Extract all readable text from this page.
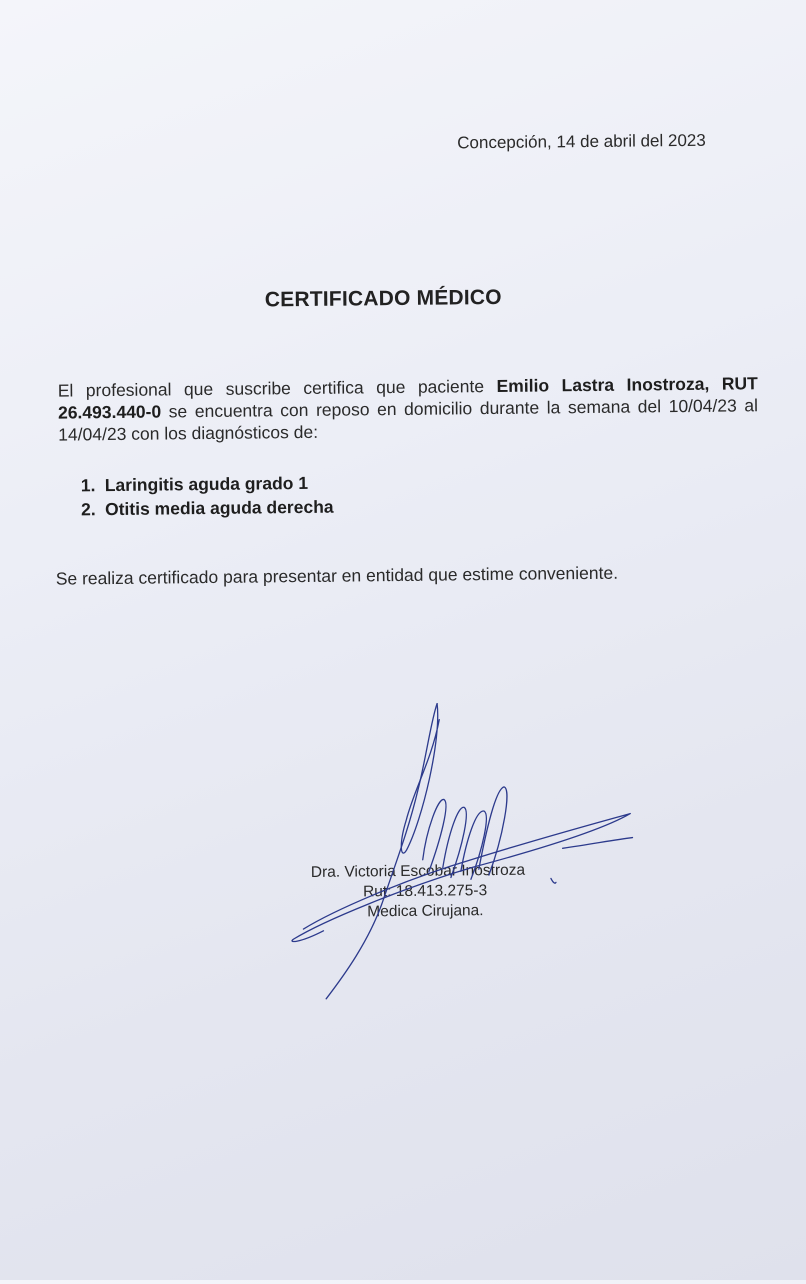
Concepción, 14 de abril del 2023
CERTIFICADO MÉDICO
El profesional que suscribe certifica que paciente Emilio Lastra Inostroza, RUT 26.493.440-0 se encuentra con reposo en domicilio durante la semana del 10/04/23 al 14/04/23 con los diagnósticos de:
1. Laringitis aguda grado 1
2. Otitis media aguda derecha
Se realiza certificado para presentar en entidad que estime conveniente.
Dra. Victoria Escobar Inostroza
Rut: 18.413.275-3
Medica Cirujana.
